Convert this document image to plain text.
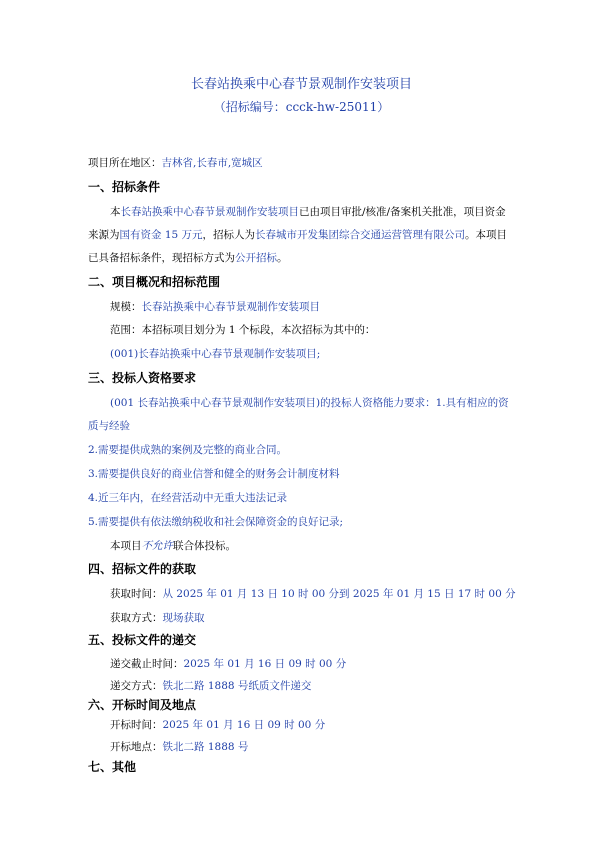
长春站换乘中心春节景观制作安装项目
（招标编号：ccck-hw-25011）
项目所在地区：吉林省,长春市,宽城区
一、招标条件
本长春站换乘中心春节景观制作安装项目已由项目审批/核准/备案机关批准，项目资金
来源为国有资金 15 万元，招标人为长春城市开发集团综合交通运营管理有限公司。本项目
已具备招标条件，现招标方式为公开招标。
二、项目概况和招标范围
规模：长春站换乘中心春节景观制作安装项目
范围：本招标项目划分为 1 个标段，本次招标为其中的：
(001)长春站换乘中心春节景观制作安装项目;
三、投标人资格要求
(001 长春站换乘中心春节景观制作安装项目)的投标人资格能力要求：1.具有相应的资
质与经验
2.需要提供成熟的案例及完整的商业合同。
3.需要提供良好的商业信誉和健全的财务会计制度材料
4.近三年内，在经营活动中无重大违法记录
5.需要提供有依法缴纳税收和社会保障资金的良好记录;
本项目不允许联合体投标。
四、招标文件的获取
获取时间：从 2025 年 01 月 13 日 10 时 00 分到 2025 年 01 月 15 日 17 时 00 分
获取方式：现场获取
五、投标文件的递交
递交截止时间：2025 年 01 月 16 日 09 时 00 分
递交方式：铁北二路 1888 号纸质文件递交
六、开标时间及地点
开标时间：2025 年 01 月 16 日 09 时 00 分
开标地点：铁北二路 1888 号
七、其他
